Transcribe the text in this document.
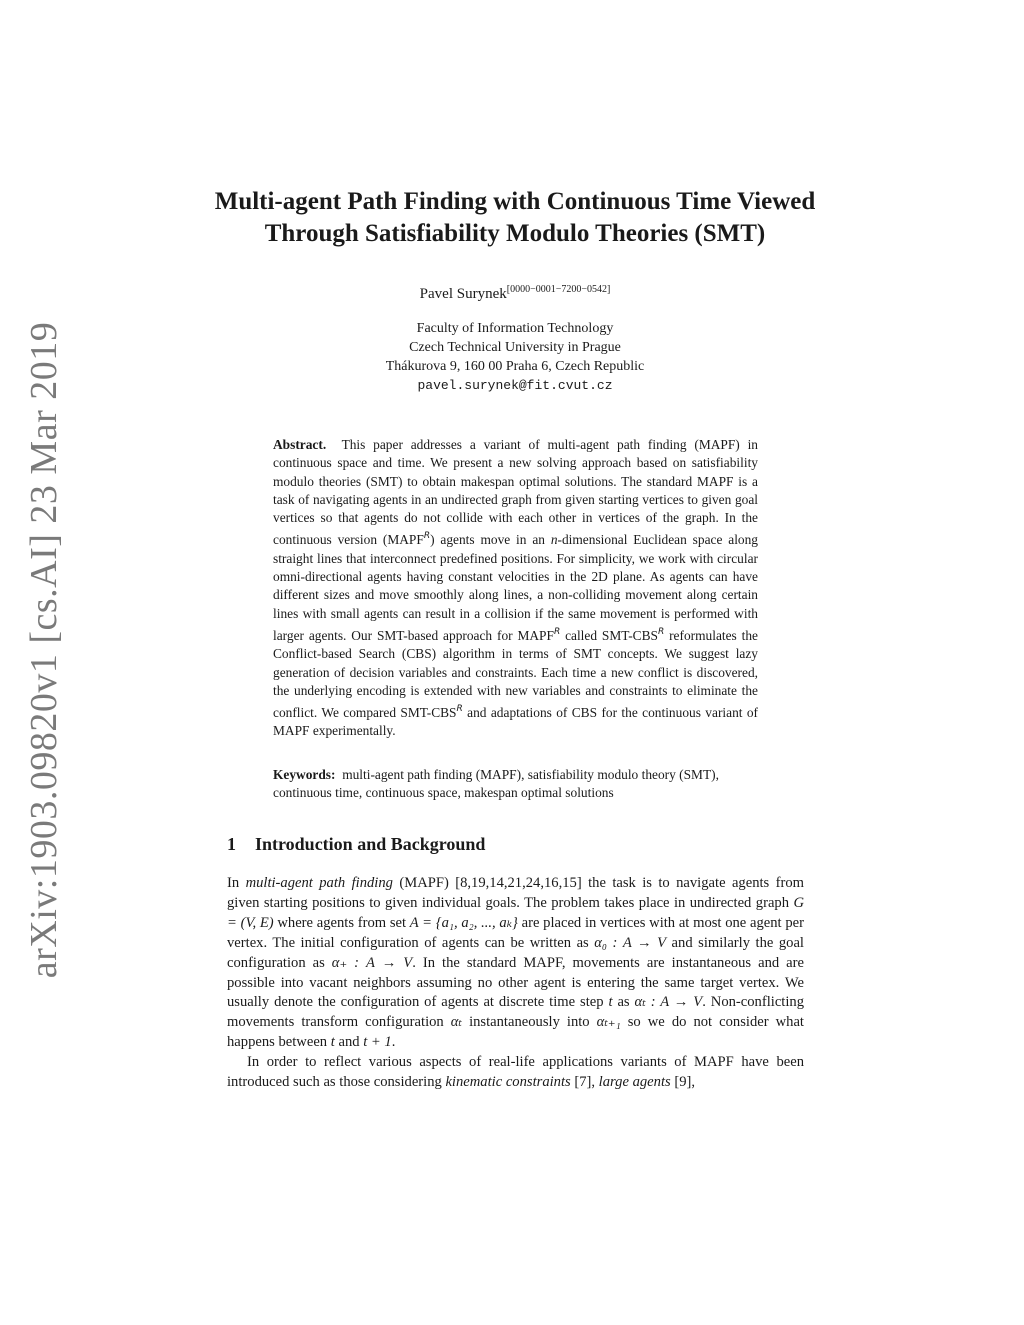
arXiv:1903.09820v1 [cs.AI] 23 Mar 2019
Multi-agent Path Finding with Continuous Time Viewed
Through Satisfiability Modulo Theories (SMT)
Pavel Surynek[0000−0001−7200−0542]
Faculty of Information Technology
Czech Technical University in Prague
Thákurova 9, 160 00 Praha 6, Czech Republic
pavel.surynek@fit.cvut.cz
Abstract. This paper addresses a variant of multi-agent path finding (MAPF) in continuous space and time. We present a new solving approach based on satisfiability modulo theories (SMT) to obtain makespan optimal solutions. The standard MAPF is a task of navigating agents in an undirected graph from given starting vertices to given goal vertices so that agents do not collide with each other in vertices of the graph. In the continuous version $(MAPF^R)$ agents move in an n-dimensional Euclidean space along straight lines that interconnect predefined positions. For simplicity, we work with circular omni-directional agents having constant velocities in the 2D plane. As agents can have different sizes and move smoothly along lines, a non-colliding movement along certain lines with small agents can result in a collision if the same movement is performed with larger agents. Our SMT-based approach for $MAPF^R$ called SMT-$CBS^R$ reformulates the Conflict-based Search (CBS) algorithm in terms of SMT concepts. We suggest lazy generation of decision variables and constraints. Each time a new conflict is discovered, the underlying encoding is extended with new variables and constraints to eliminate the conflict. We compared SMT-$CBS^R$ and adaptations of CBS for the continuous variant of MAPF experimentally.
Keywords: multi-agent path finding (MAPF), satisfiability modulo theory (SMT), continuous time, continuous space, makespan optimal solutions
1 Introduction and Background

In multi-agent path finding (MAPF) [8,19,14,21,24,16,15] the task is to navigate agents from given starting positions to given individual goals. The problem takes place in undirected graph G = (V, E) where agents from set A = {a₁, a₂, ..., aₖ} are placed in vertices with at most one agent per vertex. The initial configuration of agents can be written as α₀ : A → V and similarly the goal configuration as α₊ : A → V. In the standard MAPF, movements are instantaneous and are possible into vacant neighbors assuming no other agent is entering the same target vertex. We usually denote the configuration of agents at discrete time step t as αₜ : A → V. Non-conflicting movements transform configuration αₜ instantaneously into αₜ₊₁ so we do not consider what happens between t and t + 1.

In order to reflect various aspects of real-life applications variants of MAPF have been introduced such as those considering kinematic constraints [7], large agents [9],
